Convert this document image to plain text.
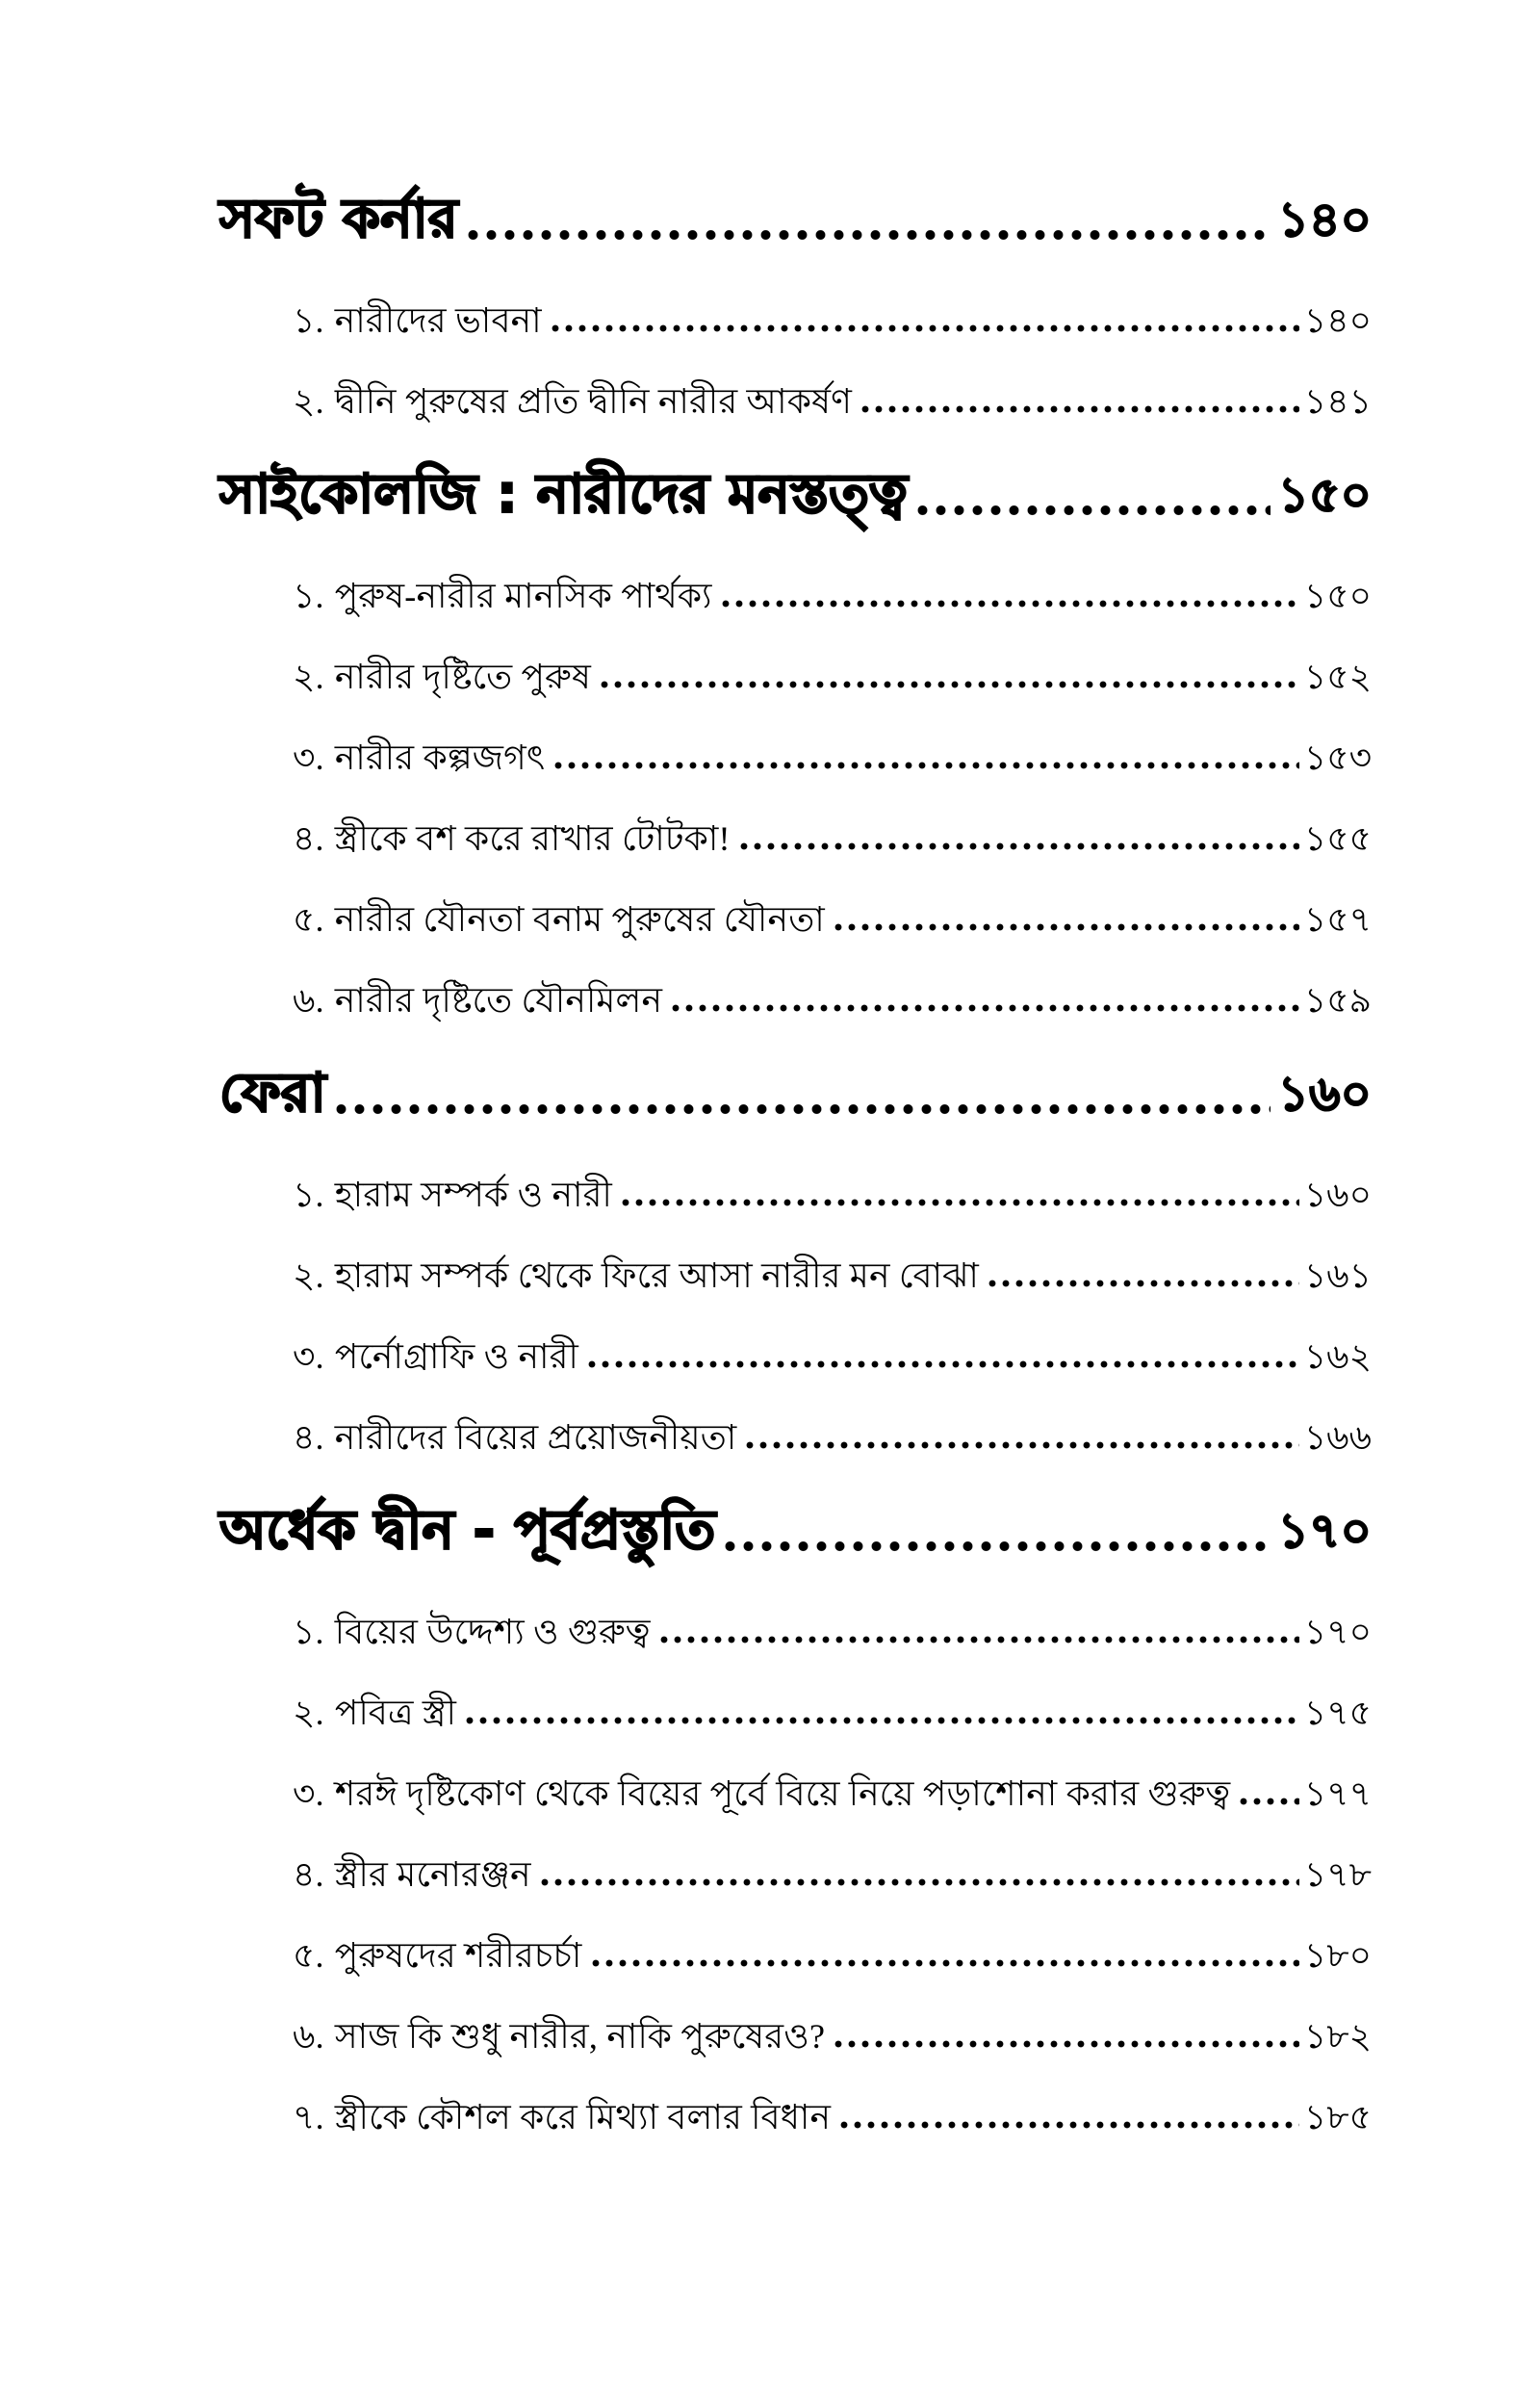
সফট কর্নার	১৪০
১. নারীদের ভাবনা	১৪০
২. দ্বীনি পুরুষের প্রতি দ্বীনি নারীর আকর্ষণ	১৪১
সাইকোলজি : নারীদের মনস্তত্ত্ব	১৫০
১. পুরুষ-নারীর মানসিক পার্থক্য	১৫০
২. নারীর দৃষ্টিতে পুরুষ	১৫২
৩. নারীর কল্পজগৎ	১৫৩
৪. স্ত্রীকে বশ করে রাখার টোটকা!	১৫৫
৫. নারীর যৌনতা বনাম পুরুষের যৌনতা	১৫৭
৬. নারীর দৃষ্টিতে যৌনমিলন	১৫৯
ফেরা	১৬০
১. হারাম সম্পর্ক ও নারী	১৬০
২. হারাম সম্পর্ক থেকে ফিরে আসা নারীর মন বোঝা	১৬১
৩. পর্নোগ্রাফি ও নারী	১৬২
৪. নারীদের বিয়ের প্রয়োজনীয়তা	১৬৬
অর্ধেক দ্বীন - পূর্বপ্রস্তুতি	১৭০
১. বিয়ের উদ্দেশ্য ও গুরুত্ব	১৭০
২. পবিত্র স্ত্রী	১৭৫
৩. শরঈ দৃষ্টিকোণ থেকে বিয়ের পূর্বে বিয়ে নিয়ে পড়াশোনা করার গুরুত্ব ১৭৭
৪. স্ত্রীর মনোরঞ্জন	১৭৮
৫. পুরুষদের শরীরচর্চা	১৮০
৬. সাজ কি শুধু নারীর, নাকি পুরুষেরও?	১৮২
৭. স্ত্রীকে কৌশল করে মিথ্যা বলার বিধান	১৮৫
